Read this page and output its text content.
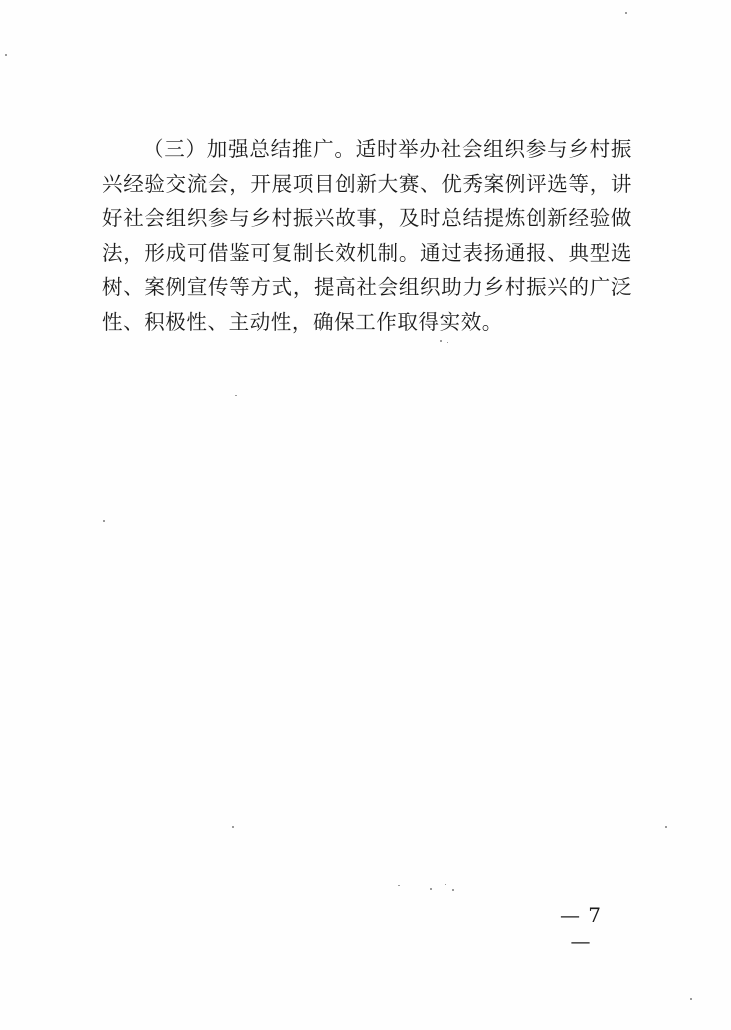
（三）加强总结推广。适时举办社会组织参与乡村振兴经验交流会，开展项目创新大赛、优秀案例评选等，讲好社会组织参与乡村振兴故事，及时总结提炼创新经验做法，形成可借鉴可复制长效机制。通过表扬通报、典型选树、案例宣传等方式，提高社会组织助力乡村振兴的广泛性、积极性、主动性，确保工作取得实效。

— 7 —
